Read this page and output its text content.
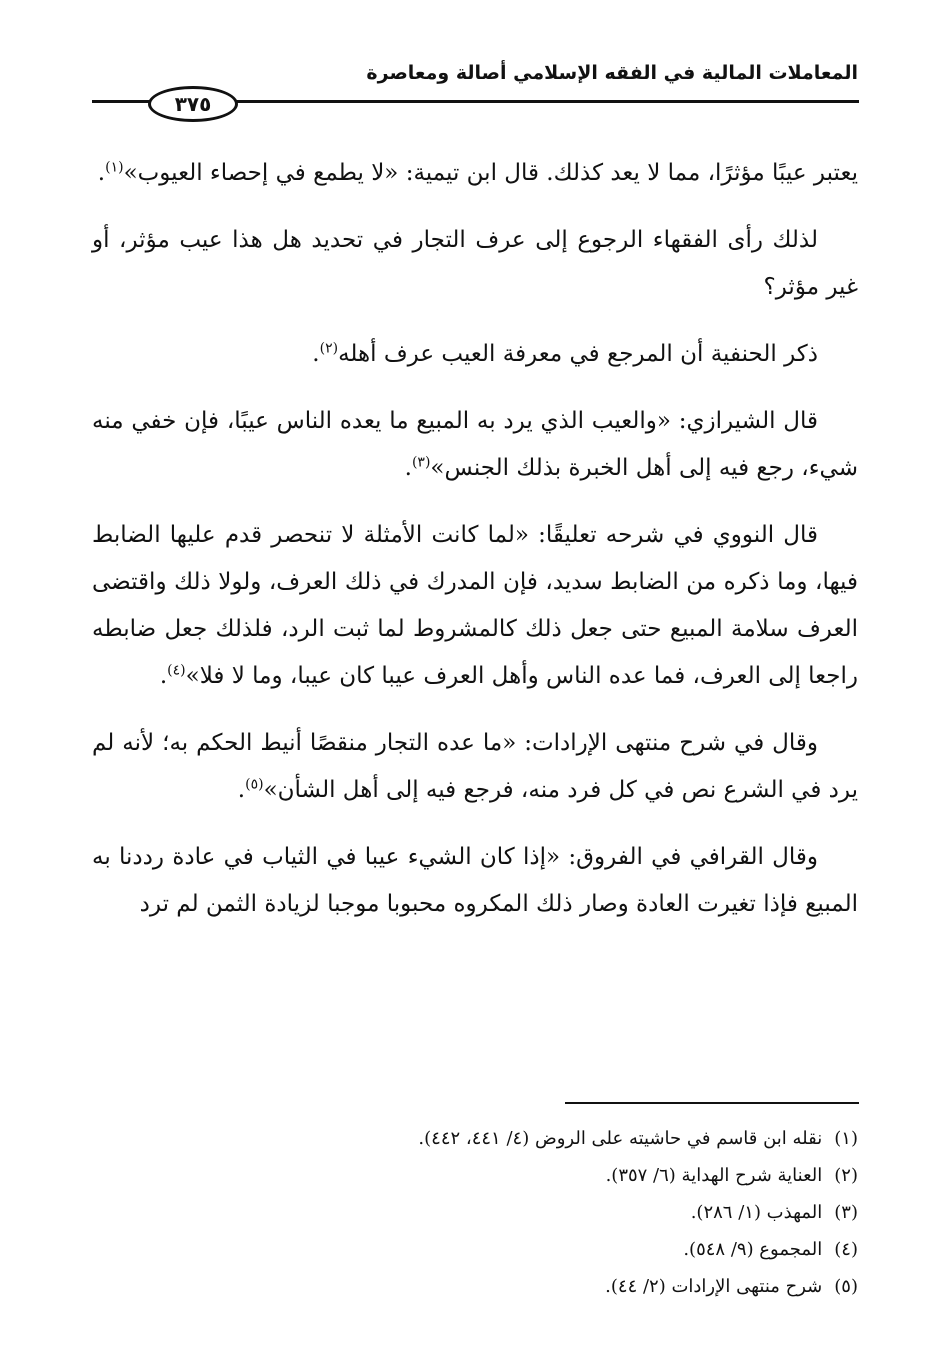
المعاملات المالية في الفقه الإسلامي أصالة ومعاصرة
٣٧٥

يعتبر عيبًا مؤثرًا، مما لا يعد كذلك. قال ابن تيمية: «لا يطمع في إحصاء العيوب»$^{(١)}$.

لذلك رأى الفقهاء الرجوع إلى عرف التجار في تحديد هل هذا عيب مؤثر، أو غير مؤثر؟

ذكر الحنفية أن المرجع في معرفة العيب عرف أهله$^{(٢)}$.

قال الشيرازي: «والعيب الذي يرد به المبيع ما يعده الناس عيبًا، فإن خفي منه شيء، رجع فيه إلى أهل الخبرة بذلك الجنس»$^{(٣)}$.

قال النووي في شرحه تعليقًا: «لما كانت الأمثلة لا تنحصر قدم عليها الضابط فيها، وما ذكره من الضابط سديد، فإن المدرك في ذلك العرف، ولولا ذلك واقتضى العرف سلامة المبيع حتى جعل ذلك كالمشروط لما ثبت الرد، فلذلك جعل ضابطه راجعا إلى العرف، فما عده الناس وأهل العرف عيبا كان عيبا، وما لا فلا»$^{(٤)}$.

وقال في شرح منتهى الإرادات: «ما عده التجار منقصًا أنيط الحكم به؛ لأنه لم يرد في الشرع نص في كل فرد منه، فرجع فيه إلى أهل الشأن»$^{(٥)}$.

وقال القرافي في الفروق: «إذا كان الشيء عيبا في الثياب في عادة رددنا به المبيع فإذا تغيرت العادة وصار ذلك المكروه محبوبا موجبا لزيادة الثمن لم ترد

(١)نقله ابن قاسم في حاشيته على الروض (٤/ ٤٤١، ٤٤٢).

(٢)العناية شرح الهداية (٦/ ٣٥٧).

(٣)المهذب (١/ ٢٨٦).

(٤)المجموع (٩/ ٥٤٨).

(٥)شرح منتهى الإرادات (٢/ ٤٤).
